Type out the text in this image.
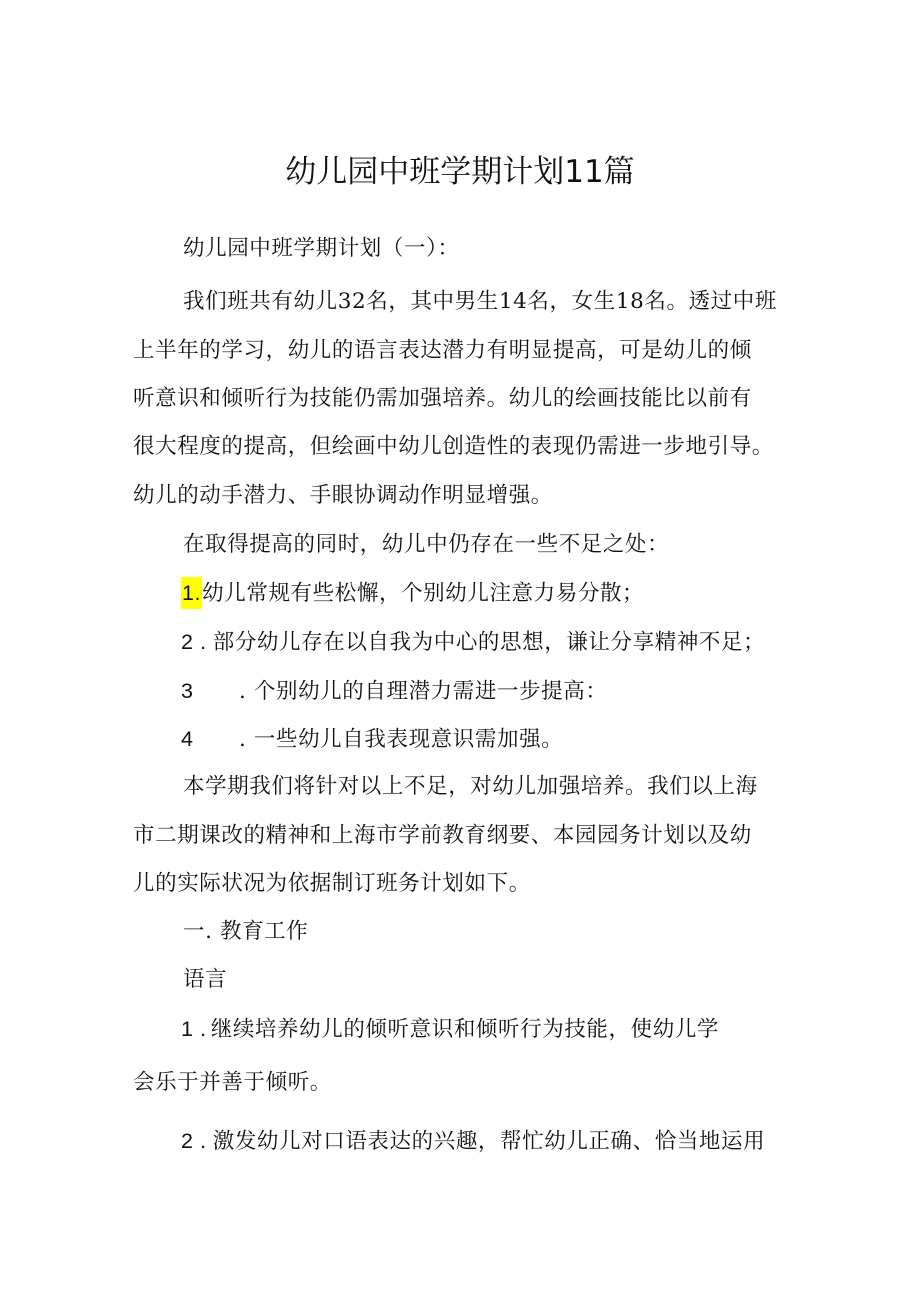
幼儿园中班学期计划11篇
幼儿园中班学期计划（一）：
我们班共有幼儿32名，其中男生14名，女生18名。透过中班
上半年的学习，幼儿的语言表达潜力有明显提高，可是幼儿的倾
听意识和倾听行为技能仍需加强培养。幼儿的绘画技能比以前有
很大程度的提高，但绘画中幼儿创造性的表现仍需进一步地引导。
幼儿的动手潜力、手眼协调动作明显增强。
在取得提高的同时，幼儿中仍存在一些不足之处：
1.幼儿常规有些松懈，个别幼儿注意力易分散；
2 . 部分幼儿存在以自我为中心的思想，谦让分享精神不足；
3 . 个别幼儿的自理潜力需进一步提高：
4 . 一些幼儿自我表现意识需加强。
本学期我们将针对以上不足，对幼儿加强培养。我们以上海
市二期课改的精神和上海市学前教育纲要、本园园务计划以及幼
儿的实际状况为依据制订班务计划如下。
一. 教育工作
语言
1 . 继续培养幼儿的倾听意识和倾听行为技能，使幼儿学
会乐于并善于倾听。
2 . 激发幼儿对口语表达的兴趣，帮忙幼儿正确、恰当地运用
